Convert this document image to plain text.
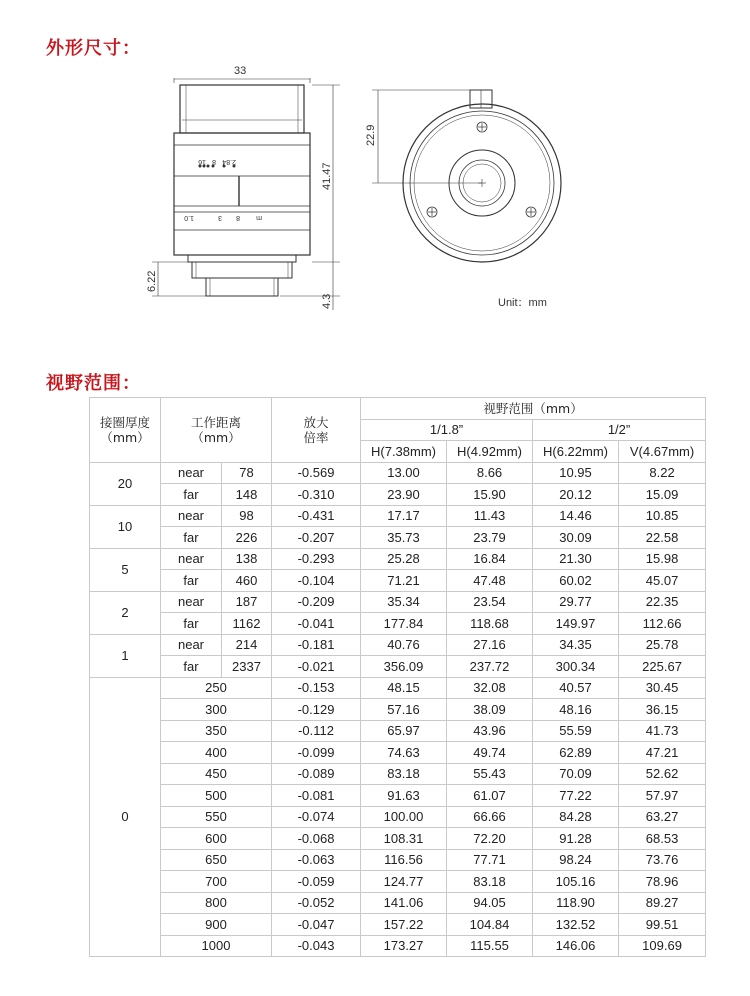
外形尺寸：
2.8
4
8
16
1.0	3 8 m
33
41.47
6.22
4.3
22.9
Unit：mm
视野范围：
接圈厚度
（mm）	工作距离
（mm）		放大
倍率	视野范围（mm）			
				1/1.8”		1/2”	
				H(7.38mm)	H(4.92mm)	H(6.22mm)	V(4.67mm)
20	near	78	-0.569	13.00	8.66	10.95	8.22
	far	148	-0.310	23.90	15.90	20.12	15.09
10	near	98	-0.431	17.17	11.43	14.46	10.85
	far	226	-0.207	35.73	23.79	30.09	22.58
5	near	138	-0.293	25.28	16.84	21.30	15.98
	far	460	-0.104	71.21	47.48	60.02	45.07
2	near	187	-0.209	35.34	23.54	29.77	22.35
	far	1162	-0.041	177.84	118.68	149.97	112.66
1	near	214	-0.181	40.76	27.16	34.35	25.78
	far	2337	-0.021	356.09	237.72	300.34	225.67
0	250		-0.153	48.15	32.08	40.57	30.45
	300		-0.129	57.16	38.09	48.16	36.15
	350		-0.112	65.97	43.96	55.59	41.73
	400		-0.099	74.63	49.74	62.89	47.21
	450		-0.089	83.18	55.43	70.09	52.62
	500		-0.081	91.63	61.07	77.22	57.97
	550		-0.074	100.00	66.66	84.28	63.27
	600		-0.068	108.31	72.20	91.28	68.53
	650		-0.063	116.56	77.71	98.24	73.76
	700		-0.059	124.77	83.18	105.16	78.96
	800		-0.052	141.06	94.05	118.90	89.27
	900		-0.047	157.22	104.84	132.52	99.51
	1000		-0.043	173.27	115.55	146.06	109.69
